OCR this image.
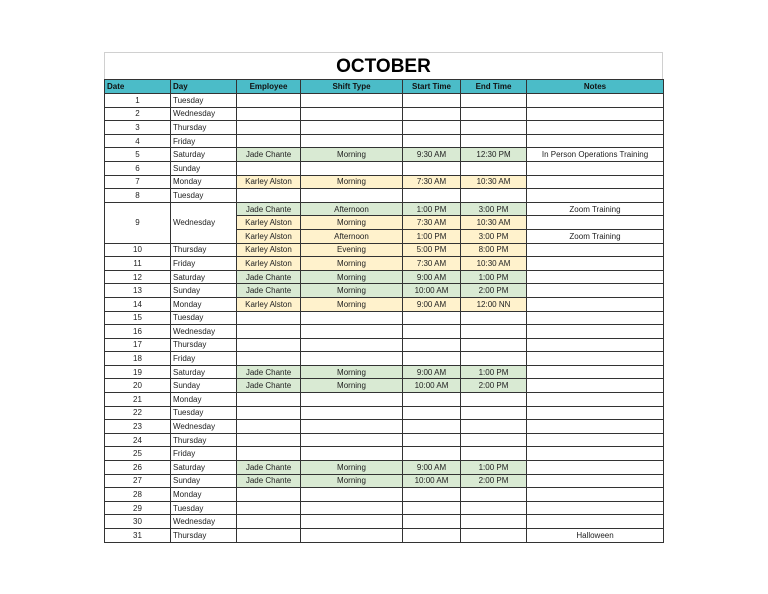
OCTOBER
Date	Day	Employee	Shift Type	Start Time	End Time	Notes
1	Tuesday					
2	Wednesday					
3	Thursday					
4	Friday					
5	Saturday	Jade Chante	Morning	9:30 AM	12:30 PM	In Person Operations Training
6	Sunday					
7	Monday	Karley Alston	Morning	7:30 AM	10:30 AM	
8	Tuesday					
9	Wednesday	Jade Chante	Afternoon	1:00 PM	3:00 PM	Zoom Training
		Karley Alston	Morning	7:30 AM	10:30 AM	
		Karley Alston	Afternoon	1:00 PM	3:00 PM	Zoom Training
10	Thursday	Karley Alston	Evening	5:00 PM	8:00 PM	
11	Friday	Karley Alston	Morning	7:30 AM	10:30 AM	
12	Saturday	Jade Chante	Morning	9:00 AM	1:00 PM	
13	Sunday	Jade Chante	Morning	10:00 AM	2:00 PM	
14	Monday	Karley Alston	Morning	9:00 AM	12:00 NN	
15	Tuesday					
16	Wednesday					
17	Thursday					
18	Friday					
19	Saturday	Jade Chante	Morning	9:00 AM	1:00 PM	
20	Sunday	Jade Chante	Morning	10:00 AM	2:00 PM	
21	Monday					
22	Tuesday					
23	Wednesday					
24	Thursday					
25	Friday					
26	Saturday	Jade Chante	Morning	9:00 AM	1:00 PM	
27	Sunday	Jade Chante	Morning	10:00 AM	2:00 PM	
28	Monday					
29	Tuesday					
30	Wednesday					
31	Thursday					Halloween
